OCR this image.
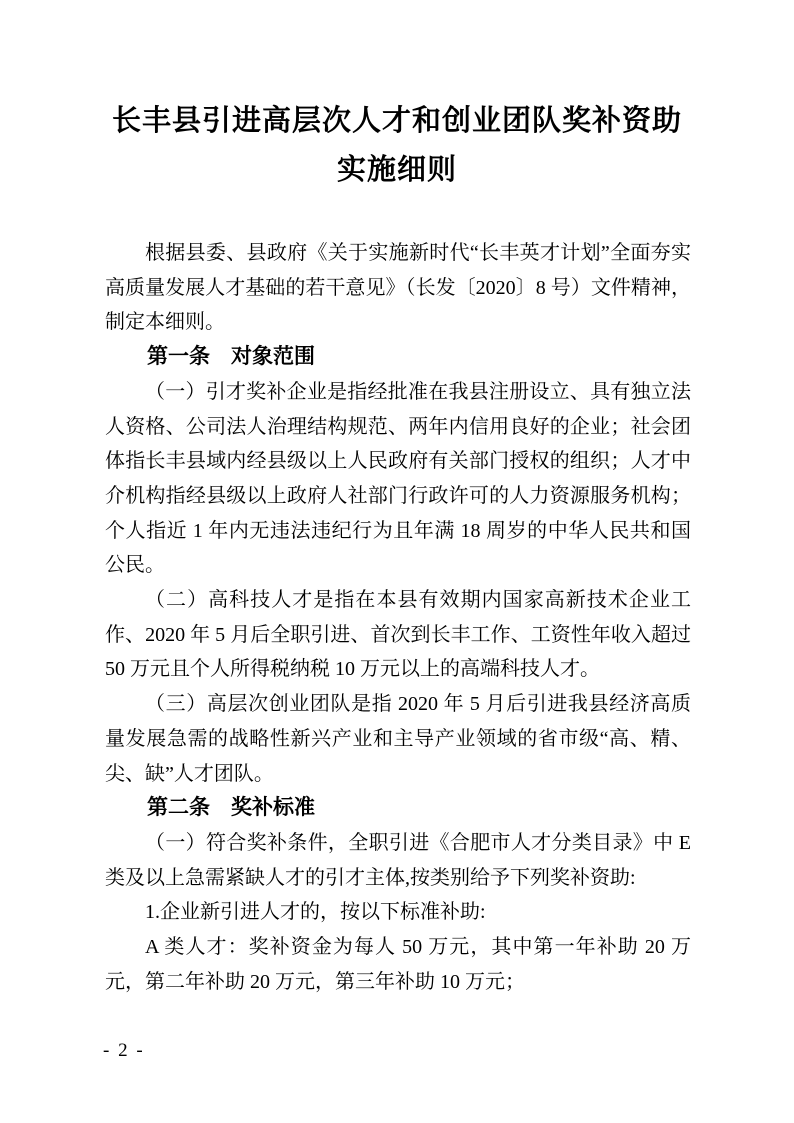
长丰县引进高层次人才和创业团队奖补资助
实施细则

根据县委、县政府《关于实施新时代“长丰英才计划”全面夯实高质量发展人才基础的若干意见》（长发〔2020〕8 号）文件精神，制定本细则。

第一条　对象范围

（一）引才奖补企业是指经批准在我县注册设立、具有独立法人资格、公司法人治理结构规范、两年内信用良好的企业；社会团体指长丰县域内经县级以上人民政府有关部门授权的组织；人才中介机构指经县级以上政府人社部门行政许可的人力资源服务机构；个人指近 1 年内无违法违纪行为且年满 18 周岁的中华人民共和国公民。

（二）高科技人才是指在本县有效期内国家高新技术企业工作、2020 年 5 月后全职引进、首次到长丰工作、工资性年收入超过 50 万元且个人所得税纳税 10 万元以上的高端科技人才。

（三）高层次创业团队是指 2020 年 5 月后引进我县经济高质量发展急需的战略性新兴产业和主导产业领域的省市级“高、精、尖、缺”人才团队。

第二条　奖补标准

（一）符合奖补条件，全职引进《合肥市人才分类目录》中 E 类及以上急需紧缺人才的引才主体,按类别给予下列奖补资助:

1.企业新引进人才的，按以下标准补助:

A 类人才：奖补资金为每人 50 万元，其中第一年补助 20 万元，第二年补助 20 万元，第三年补助 10 万元；

- 2 -
